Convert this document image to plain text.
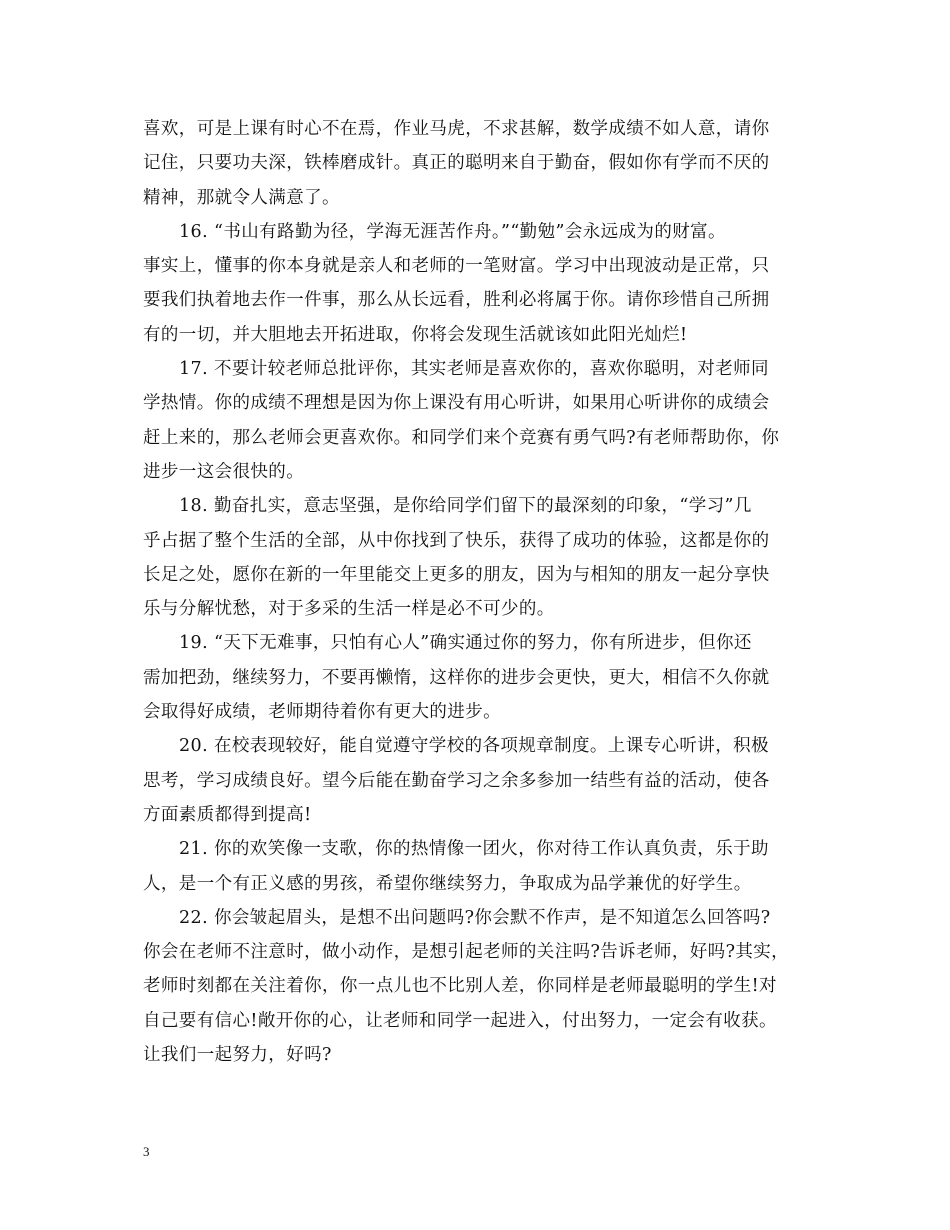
喜欢，可是上课有时心不在焉，作业马虎，不求甚解，数学成绩不如人意，请你
记住，只要功夫深，铁棒磨成针。真正的聪明来自于勤奋，假如你有学而不厌的
精神，那就令人满意了。

16. “书山有路勤为径，学海无涯苦作舟。”“勤勉”会永远成为的财富。
事实上，懂事的你本身就是亲人和老师的一笔财富。学习中出现波动是正常，只
要我们执着地去作一件事，那么从长远看，胜利必将属于你。请你珍惜自己所拥
有的一切，并大胆地去开拓进取，你将会发现生活就该如此阳光灿烂!

17. 不要计较老师总批评你，其实老师是喜欢你的，喜欢你聪明，对老师同
学热情。你的成绩不理想是因为你上课没有用心听讲，如果用心听讲你的成绩会
赶上来的，那么老师会更喜欢你。和同学们来个竞赛有勇气吗?有老师帮助你，你
进步一这会很快的。

18. 勤奋扎实，意志坚强，是你给同学们留下的最深刻的印象，“学习”几
乎占据了整个生活的全部，从中你找到了快乐，获得了成功的体验，这都是你的
长足之处，愿你在新的一年里能交上更多的朋友，因为与相知的朋友一起分享快
乐与分解忧愁，对于多采的生活一样是必不可少的。

19. “天下无难事，只怕有心人”确实通过你的努力，你有所进步，但你还
需加把劲，继续努力，不要再懒惰，这样你的进步会更快，更大，相信不久你就
会取得好成绩，老师期待着你有更大的进步。

20. 在校表现较好，能自觉遵守学校的各项规章制度。上课专心听讲，积极
思考，学习成绩良好。望今后能在勤奋学习之余多参加一结些有益的活动，使各
方面素质都得到提高!

21. 你的欢笑像一支歌，你的热情像一团火，你对待工作认真负责，乐于助
人，是一个有正义感的男孩，希望你继续努力，争取成为品学兼优的好学生。

22. 你会皱起眉头，是想不出问题吗?你会默不作声，是不知道怎么回答吗?
你会在老师不注意时，做小动作，是想引起老师的关注吗?告诉老师，好吗?其实，
老师时刻都在关注着你，你一点儿也不比别人差，你同样是老师最聪明的学生!对
自己要有信心!敞开你的心，让老师和同学一起进入，付出努力，一定会有收获。
让我们一起努力，好吗?

3
